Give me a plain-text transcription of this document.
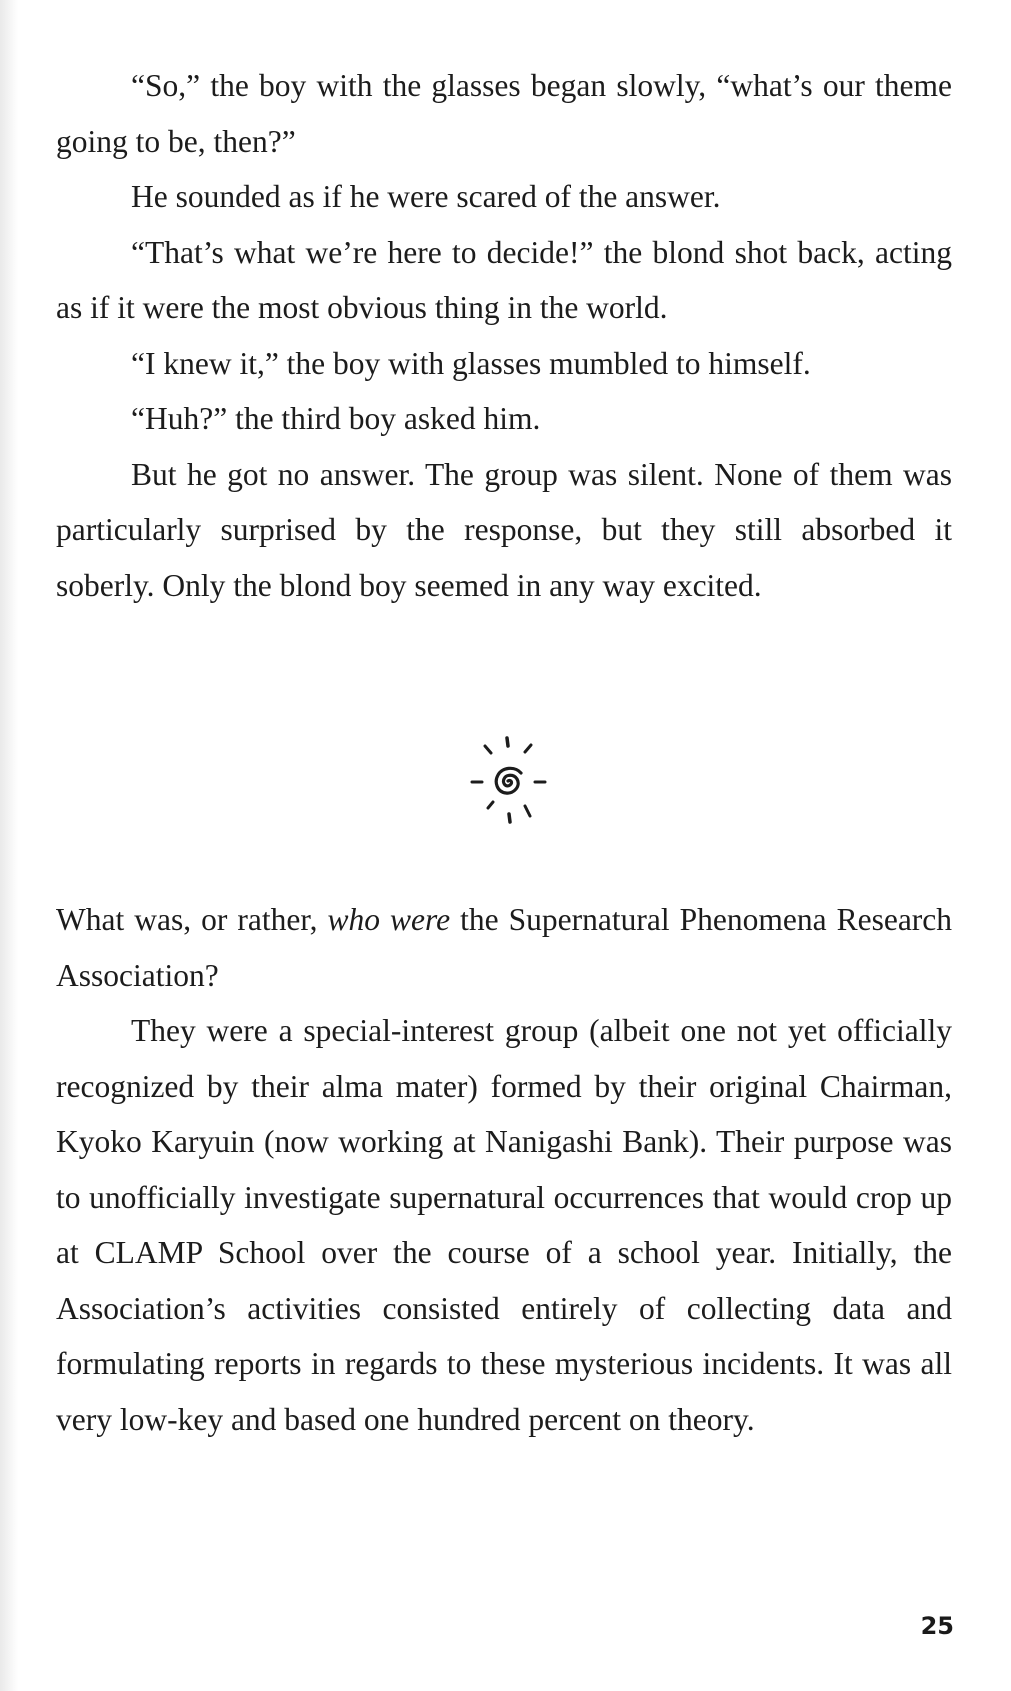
“So,” the boy with the glasses began slowly, “what’s our theme going to be, then?”

He sounded as if he were scared of the answer.

“That’s what we’re here to decide!” the blond shot back, acting as if it were the most obvious thing in the world.

“I knew it,” the boy with glasses mumbled to himself.

“Huh?” the third boy asked him.

But he got no answer. The group was silent. None of them was particularly surprised by the response, but they still absorbed it soberly. Only the blond boy seemed in any way excited.

What was, or rather, who were the Supernatural Phenomena Research Association?

They were a special-interest group (albeit one not yet officially recognized by their alma mater) formed by their original Chairman, Kyoko Karyuin (now working at Nanigashi Bank). Their purpose was to unofficially investigate supernatural occurrences that would crop up at CLAMP School over the course of a school year. Initially, the Association’s activities consisted entirely of collecting data and formulating reports in regards to these mysterious incidents. It was all very low-key and based one hundred percent on theory.

25
